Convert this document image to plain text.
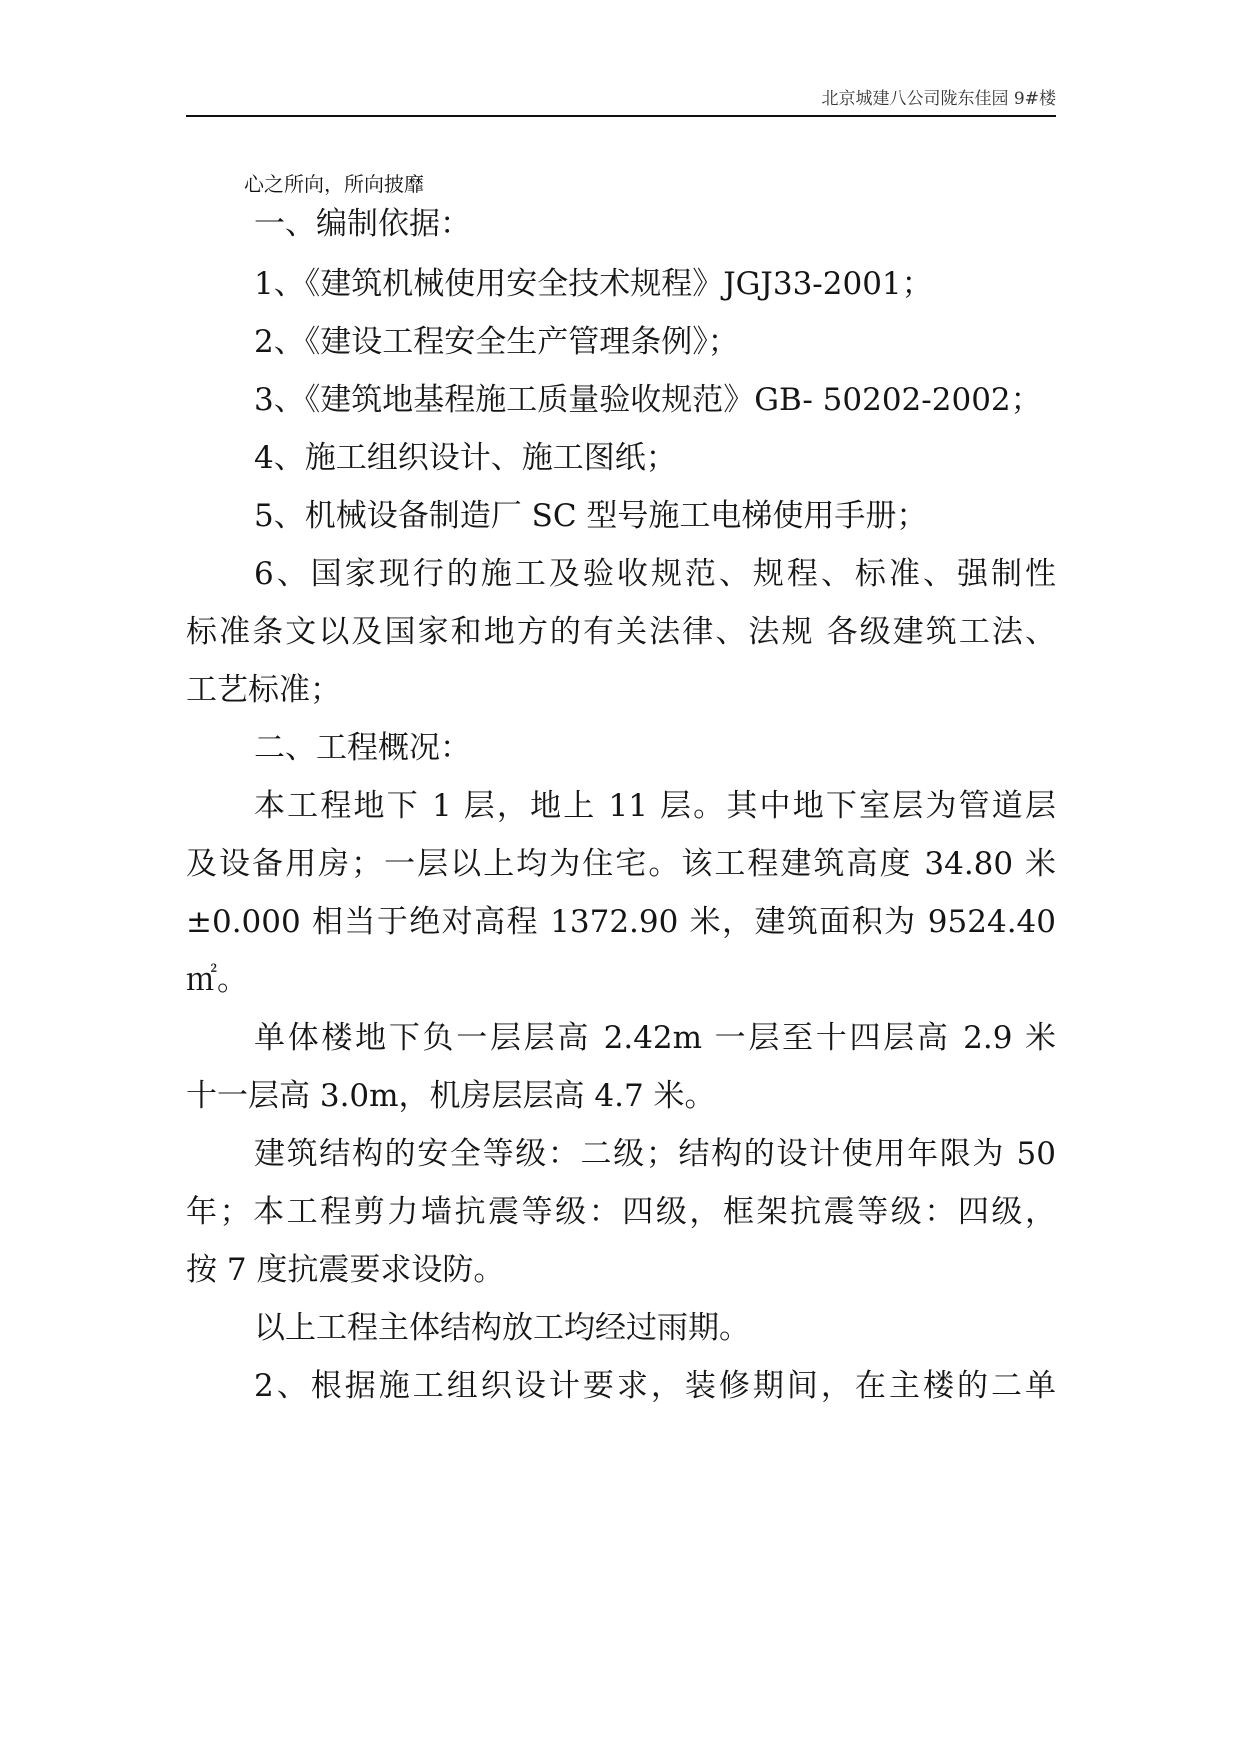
北京城建八公司陇东佳园 9#楼
心之所向，所向披靡
一、编制依据：
1、《建筑机械使用安全技术规程》JGJ33-2001；
2、《建设工程安全生产管理条例》；
3、《建筑地基程施工质量验收规范》GB- 50202-2002；
4、施工组织设计、施工图纸；
5、机械设备制造厂 SC 型号施工电梯使用手册；
6、国家现行的施工及验收规范、规程、标准、强制性
标准条文以及国家和地方的有关法律、法规 各级建筑工法、
工艺标准；
二、工程概况：
本工程地下 1 层，地上 11 层。其中地下室层为管道层
及设备用房；一层以上均为住宅。该工程建筑高度 34.80 米
±0.000 相当于绝对高程 1372.90 米，建筑面积为 9524.40
㎡。
单体楼地下负一层层高 2.42m 一层至十四层高 2.9 米
十一层高 3.0m，机房层层高 4.7 米。
建筑结构的安全等级：二级；结构的设计使用年限为 50
年；本工程剪力墙抗震等级：四级，框架抗震等级：四级，
按 7 度抗震要求设防。
以上工程主体结构放工均经过雨期。
2、根据施工组织设计要求，装修期间，在主楼的二单
